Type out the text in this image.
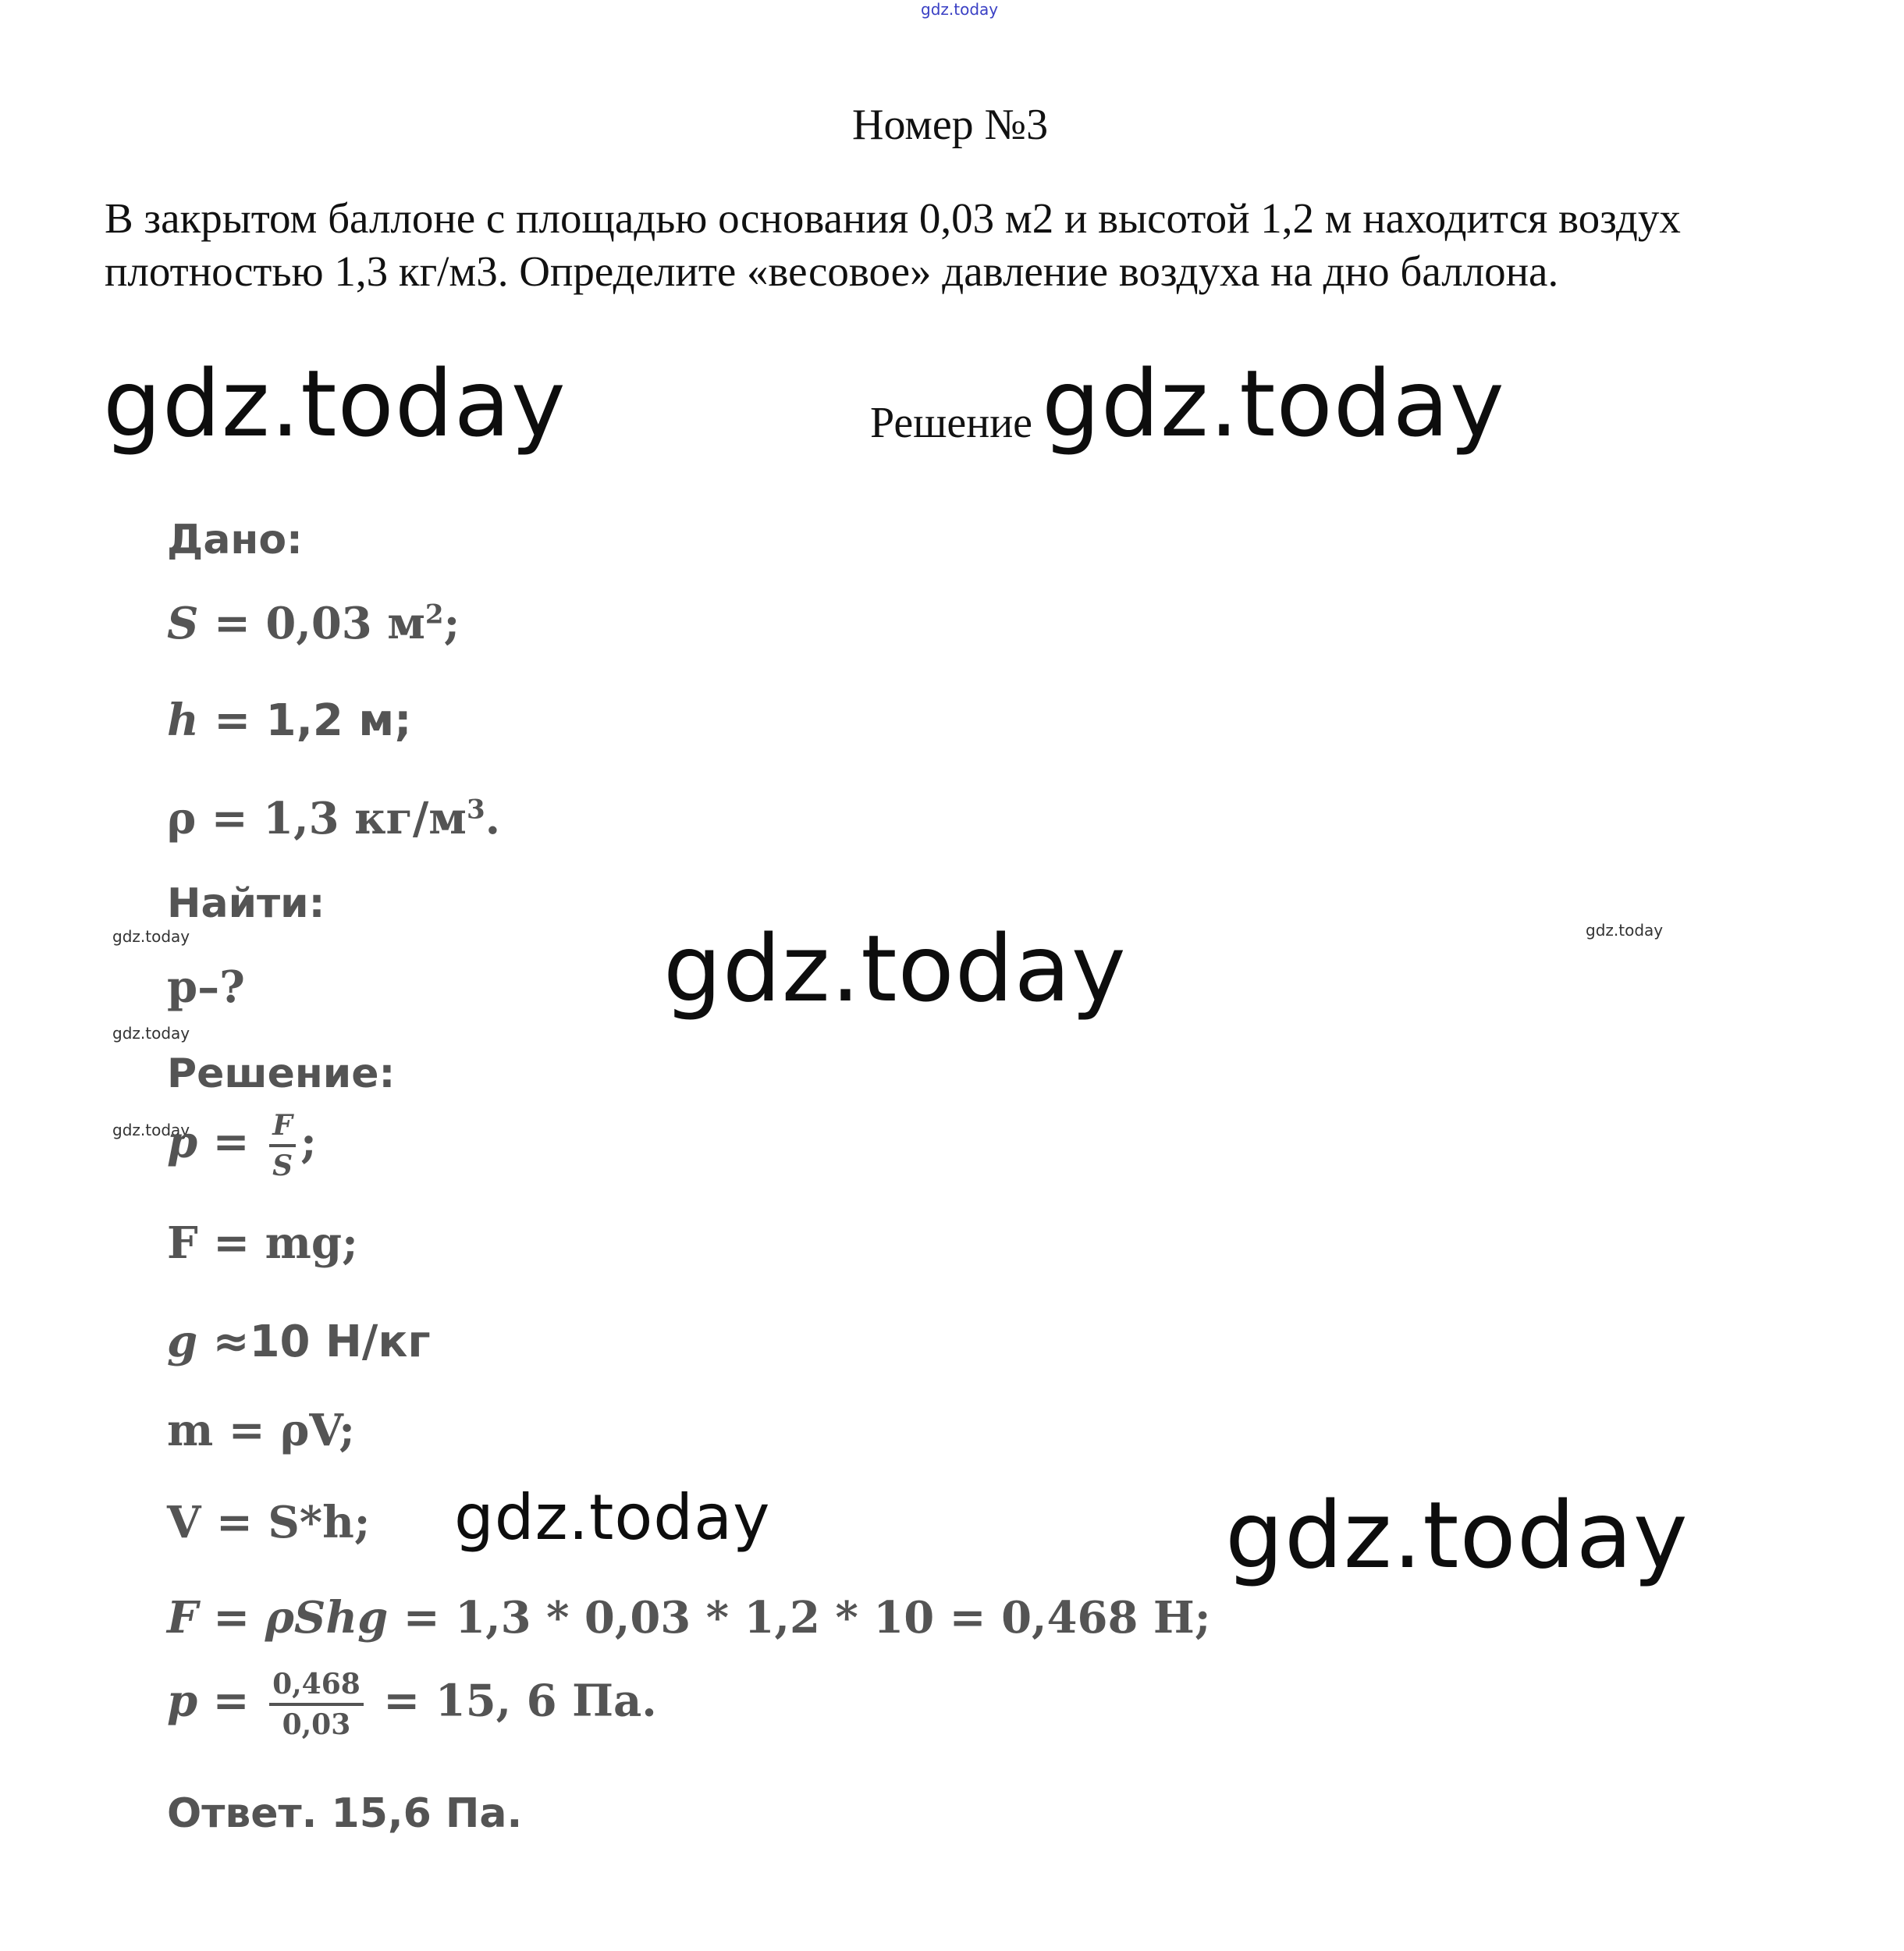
gdz.today
Номер №3
В закрытом баллоне с площадью основания 0,03 м2 и высотой 1,2 м находится воздух плотностью 1,3 кг/м3. Определите «весовое» давление воздуха на дно баллона.
gdz.today	Решение gdz.today
gdz.today
gdz.today	gdz.today
gdz.today	gdz.today
gdz.today
gdz.today
Дано:
S = 0,03 $м^2$;
h = 1,2 м;
ρ = 1,3 $кг/м^3$.
Найти:
p–?
Решение:
$p = \frac{F}{S}$ ;
F = mg;
g ≈10 Н/кг
m = ρV;
V = S*h;
F = ρShg = 1,3 * 0,03 * 1,2 * 10 = 0,468 Н;
$p = \frac{0,468}{0,03} = 15$, 6 Па.
Ответ. 15,6 Па.
